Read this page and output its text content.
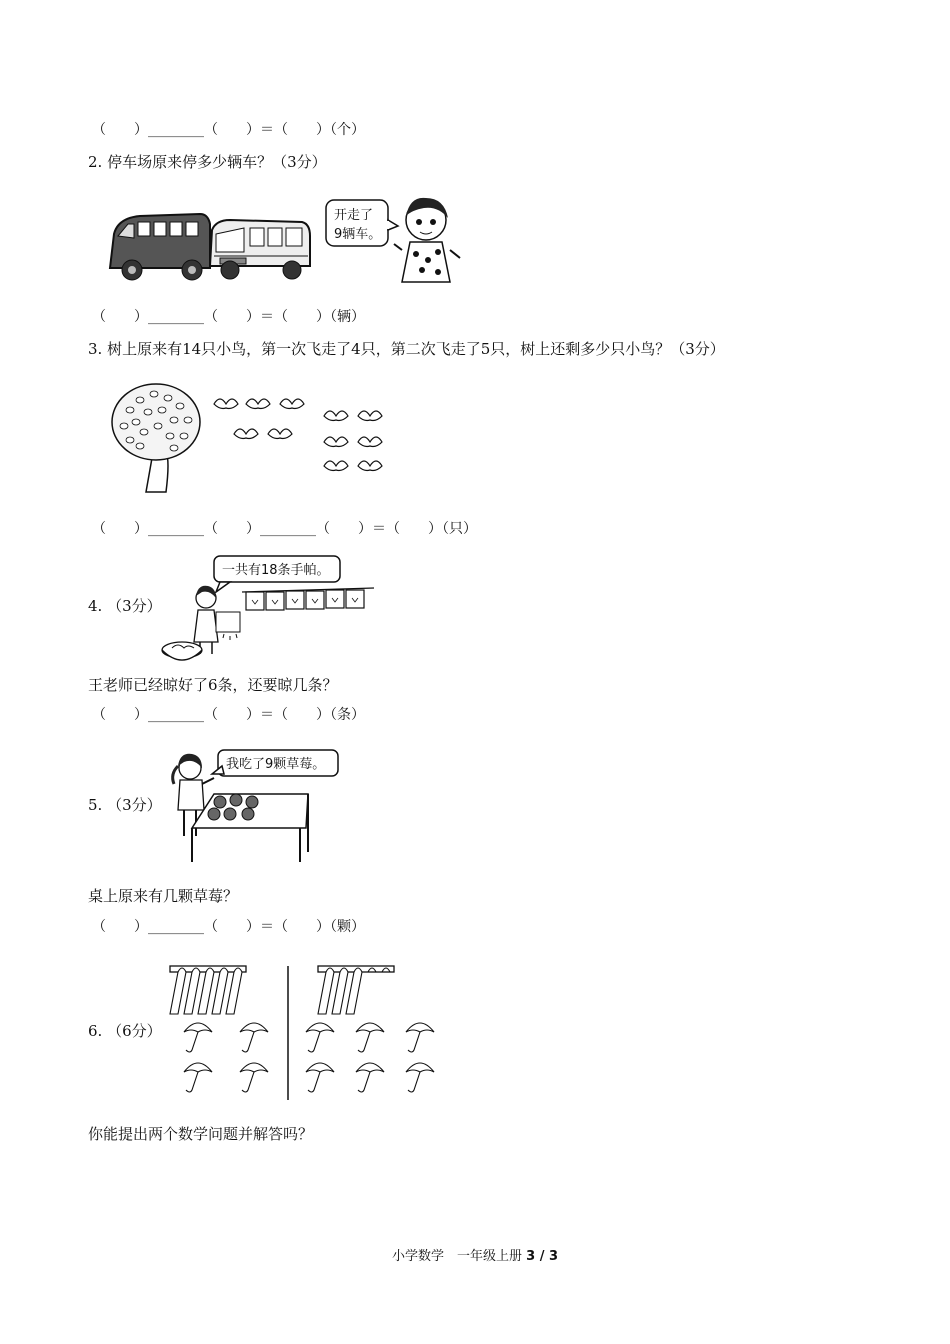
（　　）________（　　）＝（　　）（个）
2. 停车场原来停多少辆车？（3分）
开走了
9辆车。
（　　）________（　　）＝（　　）（辆）
3. 树上原来有14只小鸟，第一次飞走了4只，第二次飞走了5只，树上还剩多少只小鸟？（3分）
（　　）________（　　）________（　　）＝（　　）（只）
4. （3分）
一共有18条手帕。
王老师已经晾好了6条，还要晾几条？
（　　）________（　　）＝（　　）（条）
5. （3分）
我吃了9颗草莓。
桌上原来有几颗草莓？
（　　）________（　　）＝（　　）（颗）
6. （6分）
你能提出两个数学问题并解答吗？
小学数学　一年级上册 3 / 3
